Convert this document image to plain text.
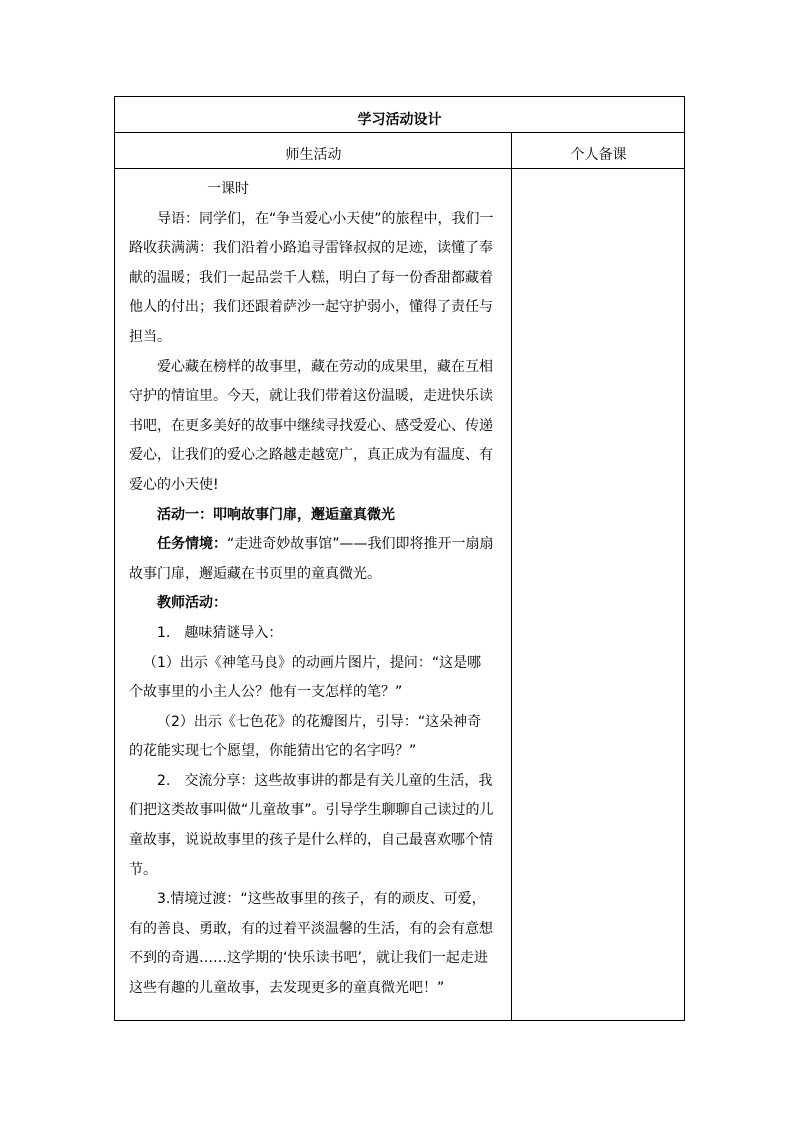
学习活动设计
师生活动	个人备课

一课时

导语：同学们，在“争当爱心小天使”的旅程中，我们一路收获满满：我们沿着小路追寻雷锋叔叔的足迹，读懂了奉献的温暖；我们一起品尝千人糕，明白了每一份香甜都藏着他人的付出；我们还跟着萨沙一起守护弱小，懂得了责任与担当。

爱心藏在榜样的故事里，藏在劳动的成果里，藏在互相守护的情谊里。今天，就让我们带着这份温暖，走进快乐读书吧，在更多美好的故事中继续寻找爱心、感受爱心、传递爱心，让我们的爱心之路越走越宽广，真正成为有温度、有爱心的小天使!

活动一：叩响故事门扉，邂逅童真微光

任务情境：“走进奇妙故事馆”——我们即将推开一扇扇故事门扉，邂逅藏在书页里的童真微光。

教师活动：

1.　趣味猜谜导入：

（1）出示《神笔马良》的动画片图片，提问：“这是哪个故事里的小主人公？他有一支怎样的笔？”

（2）出示《七色花》的花瓣图片，引导：“这朵神奇的花能实现七个愿望，你能猜出它的名字吗？”

2.　交流分享：这些故事讲的都是有关儿童的生活，我们把这类故事叫做“儿童故事”。引导学生聊聊自己读过的儿童故事，说说故事里的孩子是什么样的，自己最喜欢哪个情节。

3.情境过渡：“这些故事里的孩子，有的顽皮、可爱，有的善良、勇敢，有的过着平淡温馨的生活，有的会有意想不到的奇遇……这学期的‘快乐读书吧’，就让我们一起走进这些有趣的儿童故事，去发现更多的童真微光吧！”
